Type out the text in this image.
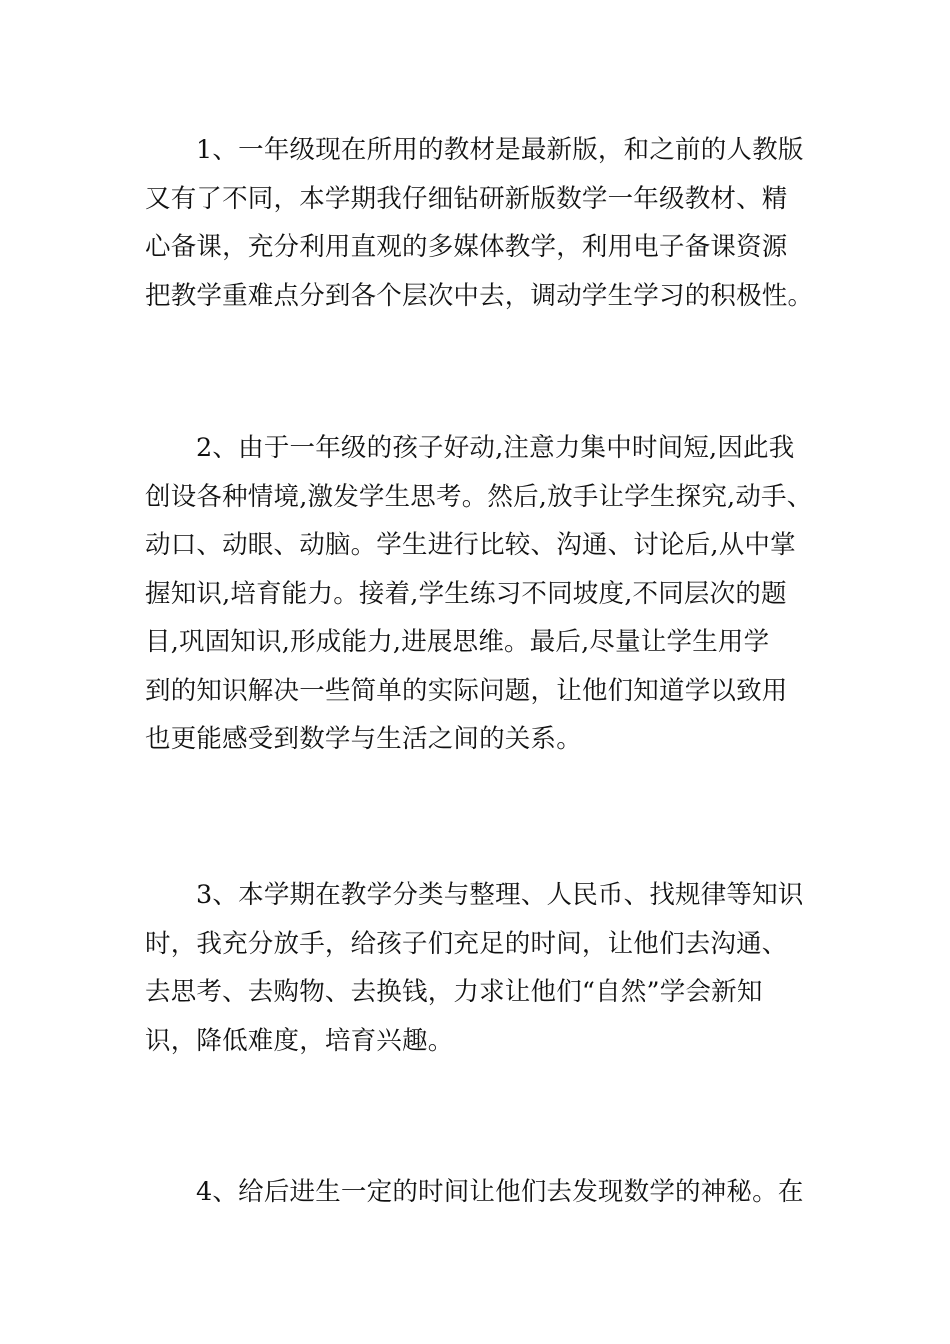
1、一年级现在所用的教材是最新版，和之前的人教版
又有了不同，本学期我仔细钻研新版数学一年级教材、精
心备课，充分利用直观的多媒体教学，利用电子备课资源
把教学重难点分到各个层次中去，调动学生学习的积极性。
2、由于一年级的孩子好动,注意力集中时间短,因此我
创设各种情境,激发学生思考。然后,放手让学生探究,动手、
动口、动眼、动脑。学生进行比较、沟通、讨论后,从中掌
握知识,培育能力。接着,学生练习不同坡度,不同层次的题
目,巩固知识,形成能力,进展思维。最后,尽量让学生用学
到的知识解决一些简单的实际问题，让他们知道学以致用
也更能感受到数学与生活之间的关系。
3、本学期在教学分类与整理、人民币、找规律等知识
时，我充分放手，给孩子们充足的时间，让他们去沟通、
去思考、去购物、去换钱，力求让他们“自然”学会新知
识，降低难度，培育兴趣。
4、给后进生一定的时间让他们去发现数学的神秘。在
